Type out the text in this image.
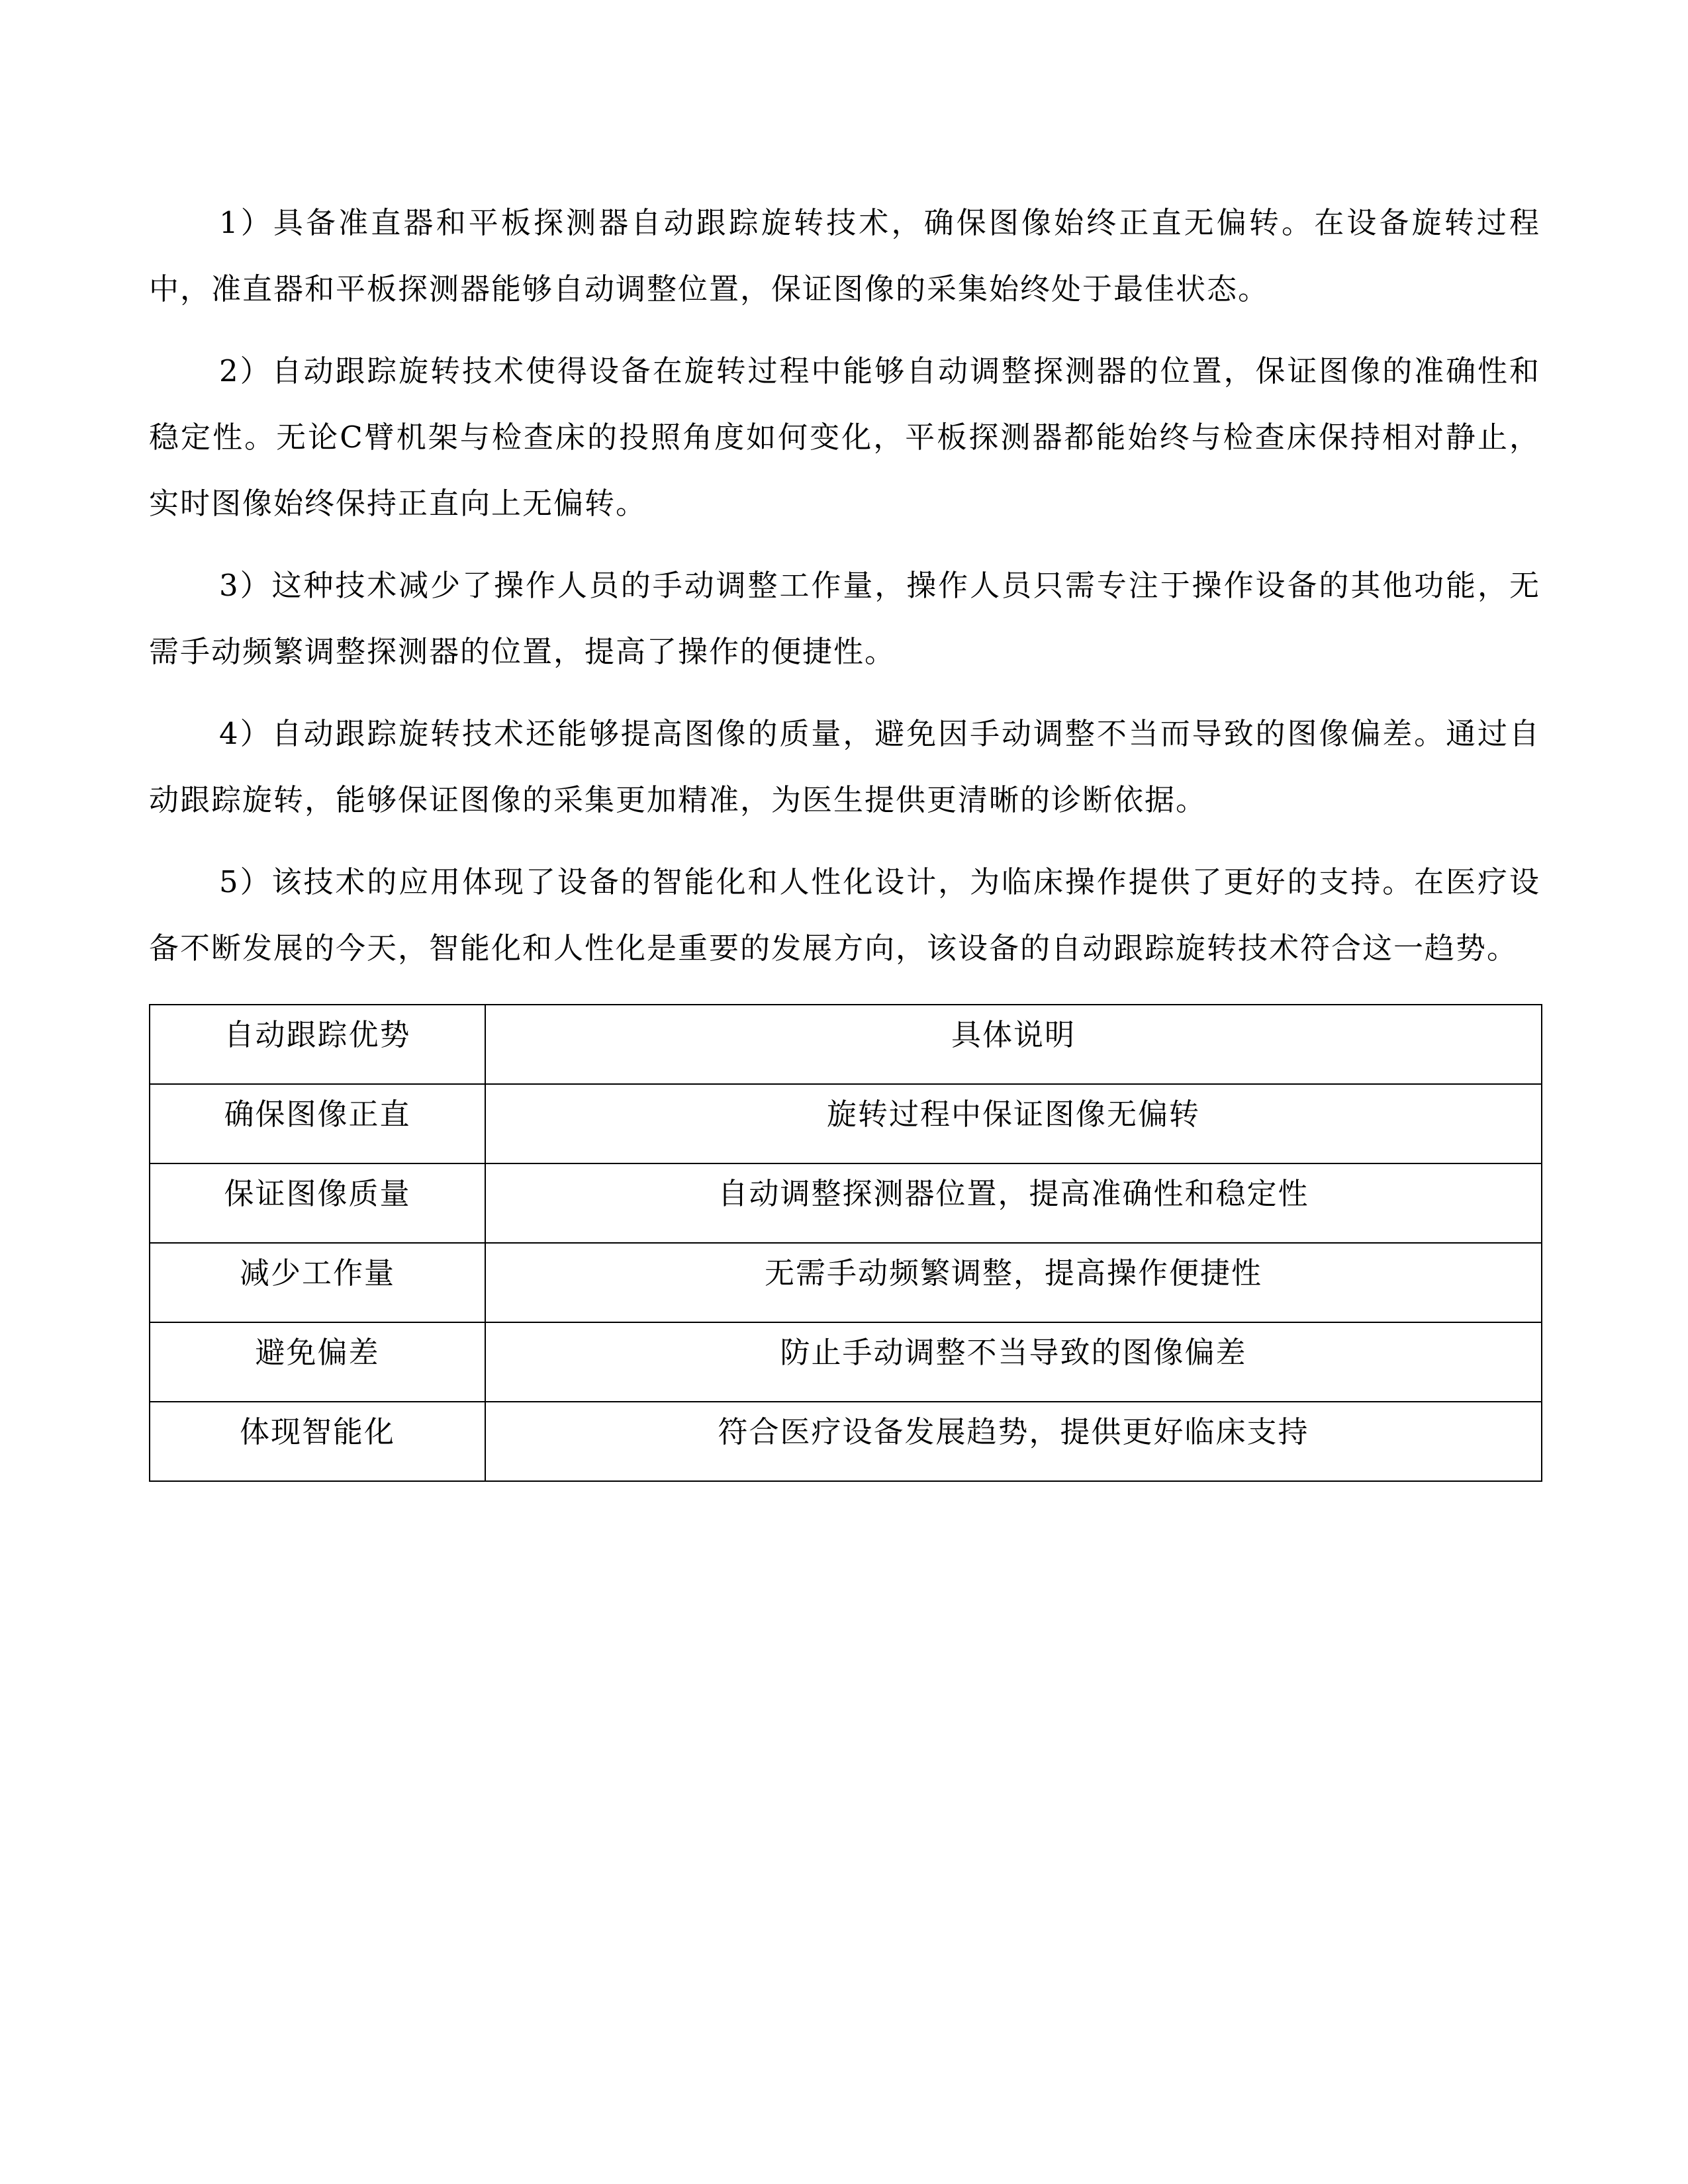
1）具备准直器和平板探测器自动跟踪旋转技术，确保图像始终正直无偏转。在设备旋转过程中，准直器和平板探测器能够自动调整位置，保证图像的采集始终处于最佳状态。

2）自动跟踪旋转技术使得设备在旋转过程中能够自动调整探测器的位置，保证图像的准确性和稳定性。无论C臂机架与检查床的投照角度如何变化，平板探测器都能始终与检查床保持相对静止，实时图像始终保持正直向上无偏转。

3）这种技术减少了操作人员的手动调整工作量，操作人员只需专注于操作设备的其他功能，无需手动频繁调整探测器的位置，提高了操作的便捷性。

4）自动跟踪旋转技术还能够提高图像的质量，避免因手动调整不当而导致的图像偏差。通过自动跟踪旋转，能够保证图像的采集更加精准，为医生提供更清晰的诊断依据。

5）该技术的应用体现了设备的智能化和人性化设计，为临床操作提供了更好的支持。在医疗设备不断发展的今天，智能化和人性化是重要的发展方向，该设备的自动跟踪旋转技术符合这一趋势。

自动跟踪优势	具体说明
确保图像正直	旋转过程中保证图像无偏转
保证图像质量	自动调整探测器位置，提高准确性和稳定性
减少工作量	无需手动频繁调整，提高操作便捷性
避免偏差	防止手动调整不当导致的图像偏差
体现智能化	符合医疗设备发展趋势，提供更好临床支持
